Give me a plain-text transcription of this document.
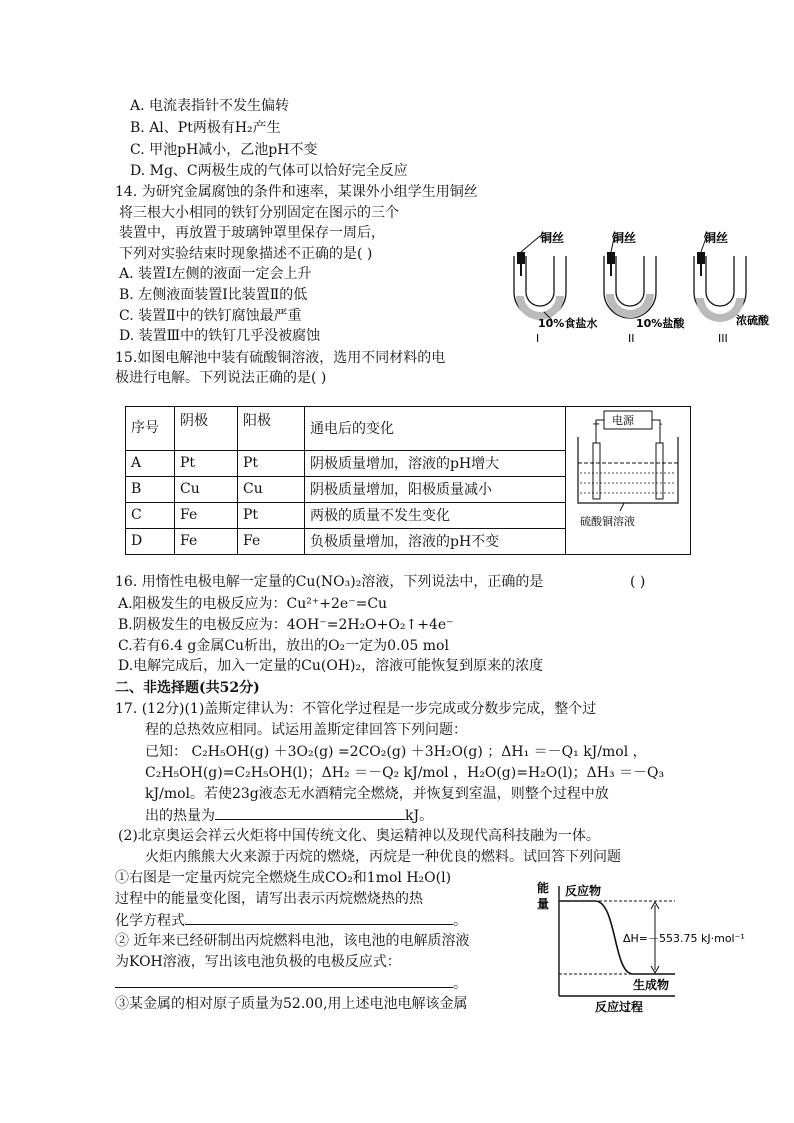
A. 电流表指针不发生偏转
B. Al、Pt两极有H₂产生
C. 甲池pH减小，乙池pH不变
D. Mg、C两极生成的气体可以恰好完全反应
14. 为研究金属腐蚀的条件和速率，某课外小组学生用铜丝
将三根大小相同的铁钉分别固定在图示的三个
装置中，再放置于玻璃钟罩里保存一周后，
下列对实验结束时现象描述不正确的是( )
A. 装置Ⅰ左侧的液面一定会上升
B. 左侧液面装置Ⅰ比装置Ⅱ的低
C. 装置Ⅱ中的铁钉腐蚀最严重
D. 装置Ⅲ中的铁钉几乎没被腐蚀
铜丝
10%食盐水
I
铜丝
10%盐酸
II
铜丝
浓硫酸
III
15.如图电解池中装有硫酸铜溶液，选用不同材料的电
极进行电解。下列说法正确的是( )
序号	阴极	阳极	通电后的变化	电源
+ -
硫酸铜溶液

A	Pt	Pt	阴极质量增加，溶液的pH增大	
B	Cu	Cu	阴极质量增加，阳极质量减小	
C	Fe	Pt	两极的质量不发生变化	
D	Fe	Fe	负极质量增加，溶液的pH不变	
16. 用惰性电极电解一定量的Cu(NO₃)₂溶液，下列说法中，正确的是	( )
A.阳极发生的电极反应为：Cu²⁺+2e⁻=Cu
B.阴极发生的电极反应为：4OH⁻=2H₂O+O₂↑+4e⁻
C.若有6.4 g金属Cu析出，放出的O₂一定为0.05 mol
D.电解完成后，加入一定量的Cu(OH)₂，溶液可能恢复到原来的浓度
二、非选择题(共52分)
17. (12分)(1)盖斯定律认为：不管化学过程是一步完成或分数步完成，整个过
程的总热效应相同。试运用盖斯定律回答下列问题：
已知： C₂H₅OH(g) ＋3O₂(g) =2CO₂(g) ＋3H₂O(g) ；ΔH₁ ＝－Q₁ kJ/mol ，
C₂H₅OH(g)=C₂H₅OH(l)；ΔH₂ ＝－Q₂ kJ/mol ，H₂O(g)=H₂O(l)；ΔH₃ ＝－Q₃
kJ/mol。若使23g液态无水酒精完全燃烧，并恢复到室温，则整个过程中放
出的热量为	kJ。
(2)北京奥运会祥云火炬将中国传统文化、奥运精神以及现代高科技融为一体。
火炬内熊熊大火来源于丙烷的燃烧，丙烷是一种优良的燃料。试回答下列问题
①右图是一定量丙烷完全燃烧生成CO₂和1mol H₂O(l)
过程中的能量变化图，请写出表示丙烷燃烧热的热
化学方程式	。
② 近年来已经研制出丙烷燃料电池，该电池的电解质溶液
为KOH溶液，写出该电池负极的电极反应式：
。
③某金属的相对原子质量为52.00,用上述电池电解该金属
能
量
反应物
生成物
ΔH=－553.75 kJ·mol⁻¹
反应过程
